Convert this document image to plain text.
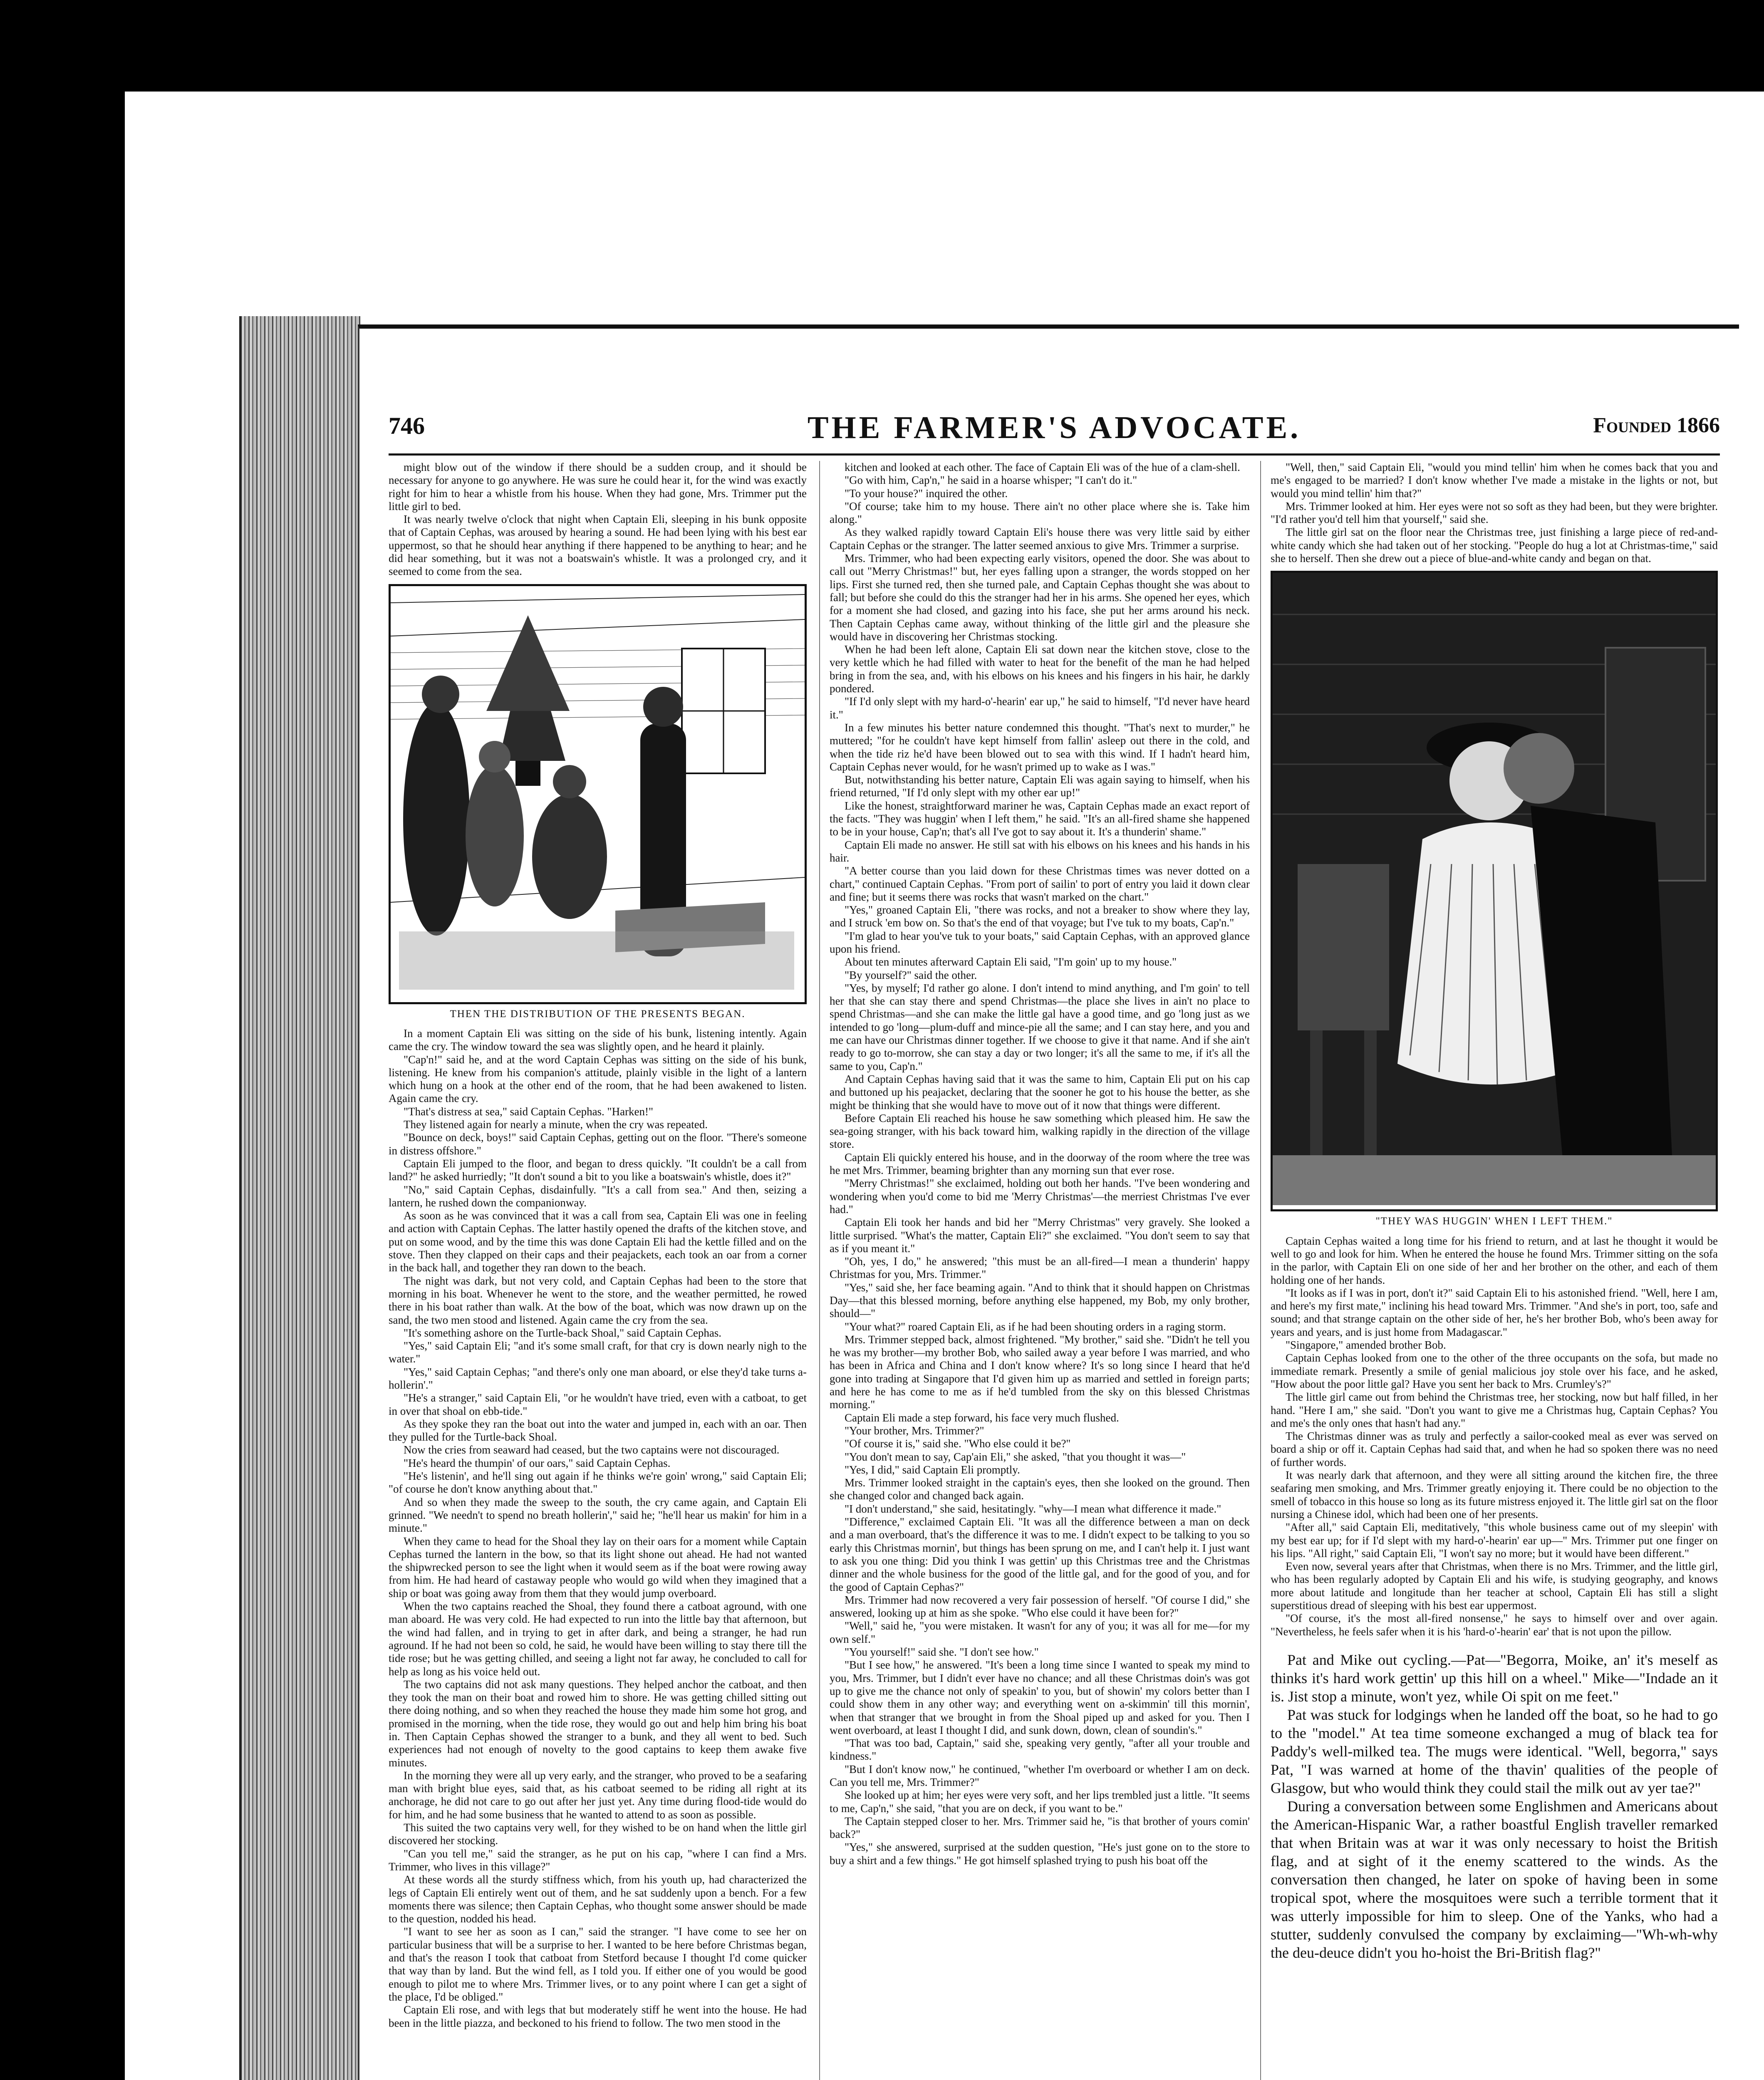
746	THE FARMER'S ADVOCATE.	Founded 1866

might blow out of the window if there should be a sudden croup, and it should be necessary for anyone to go anywhere. He was sure he could hear it, for the wind was exactly right for him to hear a whistle from his house. When they had gone, Mrs. Trimmer put the little girl to bed.

It was nearly twelve o'clock that night when Captain Eli, sleeping in his bunk opposite that of Captain Cephas, was aroused by hearing a sound. He had been lying with his best ear uppermost, so that he should hear anything if there happened to be anything to hear; and he did hear something, but it was not a boatswain's whistle. It was a prolonged cry, and it seemed to come from the sea.

THEN THE DISTRIBUTION OF THE PRESENTS BEGAN.

In a moment Captain Eli was sitting on the side of his bunk, listening intently. Again came the cry. The window toward the sea was slightly open, and he heard it plainly.

"Cap'n!" said he, and at the word Captain Cephas was sitting on the side of his bunk, listening. He knew from his companion's attitude, plainly visible in the light of a lantern which hung on a hook at the other end of the room, that he had been awakened to listen. Again came the cry.

"That's distress at sea," said Captain Cephas. "Harken!"

They listened again for nearly a minute, when the cry was repeated.

"Bounce on deck, boys!" said Captain Cephas, getting out on the floor. "There's someone in distress offshore."

Captain Eli jumped to the floor, and began to dress quickly. "It couldn't be a call from land?" he asked hurriedly; "It don't sound a bit to you like a boatswain's whistle, does it?"

"No," said Captain Cephas, disdainfully. "It's a call from sea." And then, seizing a lantern, he rushed down the companionway.

As soon as he was convinced that it was a call from sea, Captain Eli was one in feeling and action with Captain Cephas. The latter hastily opened the drafts of the kitchen stove, and put on some wood, and by the time this was done Captain Eli had the kettle filled and on the stove. Then they clapped on their caps and their peajackets, each took an oar from a corner in the back hall, and together they ran down to the beach.

The night was dark, but not very cold, and Captain Cephas had been to the store that morning in his boat. Whenever he went to the store, and the weather permitted, he rowed there in his boat rather than walk. At the bow of the boat, which was now drawn up on the sand, the two men stood and listened. Again came the cry from the sea.

"It's something ashore on the Turtle-back Shoal," said Captain Cephas.

"Yes," said Captain Eli; "and it's some small craft, for that cry is down nearly nigh to the water."

"Yes," said Captain Cephas; "and there's only one man aboard, or else they'd take turns a-hollerin'."

"He's a stranger," said Captain Eli, "or he wouldn't have tried, even with a catboat, to get in over that shoal on ebb-tide."

As they spoke they ran the boat out into the water and jumped in, each with an oar. Then they pulled for the Turtle-back Shoal.

Now the cries from seaward had ceased, but the two captains were not discouraged.

"He's heard the thumpin' of our oars," said Captain Cephas.

"He's listenin', and he'll sing out again if he thinks we're goin' wrong," said Captain Eli; "of course he don't know anything about that."

And so when they made the sweep to the south, the cry came again, and Captain Eli grinned. "We needn't to spend no breath hollerin'," said he; "he'll hear us makin' for him in a minute."

When they came to head for the Shoal they lay on their oars for a moment while Captain Cephas turned the lantern in the bow, so that its light shone out ahead. He had not wanted the shipwrecked person to see the light when it would seem as if the boat were rowing away from him. He had heard of castaway people who would go wild when they imagined that a ship or boat was going away from them that they would jump overboard.

When the two captains reached the Shoal, they found there a catboat aground, with one man aboard. He was very cold. He had expected to run into the little bay that afternoon, but the wind had fallen, and in trying to get in after dark, and being a stranger, he had run aground. If he had not been so cold, he said, he would have been willing to stay there till the tide rose; but he was getting chilled, and seeing a light not far away, he concluded to call for help as long as his voice held out.

The two captains did not ask many questions. They helped anchor the catboat, and then they took the man on their boat and rowed him to shore. He was getting chilled sitting out there doing nothing, and so when they reached the house they made him some hot grog, and promised in the morning, when the tide rose, they would go out and help him bring his boat in. Then Captain Cephas showed the stranger to a bunk, and they all went to bed. Such experiences had not enough of novelty to the good captains to keep them awake five minutes.

In the morning they were all up very early, and the stranger, who proved to be a seafaring man with bright blue eyes, said that, as his catboat seemed to be riding all right at its anchorage, he did not care to go out after her just yet. Any time during flood-tide would do for him, and he had some business that he wanted to attend to as soon as possible.

This suited the two captains very well, for they wished to be on hand when the little girl discovered her stocking.

"Can you tell me," said the stranger, as he put on his cap, "where I can find a Mrs. Trimmer, who lives in this village?"

At these words all the sturdy stiffness which, from his youth up, had characterized the legs of Captain Eli entirely went out of them, and he sat suddenly upon a bench. For a few moments there was silence; then Captain Cephas, who thought some answer should be made to the question, nodded his head.

"I want to see her as soon as I can," said the stranger. "I have come to see her on particular business that will be a surprise to her. I wanted to be here before Christmas began, and that's the reason I took that catboat from Stetford because I thought I'd come quicker that way than by land. But the wind fell, as I told you. If either one of you would be good enough to pilot me to where Mrs. Trimmer lives, or to any point where I can get a sight of the place, I'd be obliged."

Captain Eli rose, and with legs that but moderately stiff he went into the house. He had been in the little piazza, and beckoned to his friend to follow. The two men stood in the

kitchen and looked at each other. The face of Captain Eli was of the hue of a clam-shell.

"Go with him, Cap'n," he said in a hoarse whisper; "I can't do it."

"To your house?" inquired the other.

"Of course; take him to my house. There ain't no other place where she is. Take him along."

As they walked rapidly toward Captain Eli's house there was very little said by either Captain Cephas or the stranger. The latter seemed anxious to give Mrs. Trimmer a surprise.

Mrs. Trimmer, who had been expecting early visitors, opened the door. She was about to call out "Merry Christmas!" but, her eyes falling upon a stranger, the words stopped on her lips. First she turned red, then she turned pale, and Captain Cephas thought she was about to fall; but before she could do this the stranger had her in his arms. She opened her eyes, which for a moment she had closed, and gazing into his face, she put her arms around his neck. Then Captain Cephas came away, without thinking of the little girl and the pleasure she would have in discovering her Christmas stocking.

When he had been left alone, Captain Eli sat down near the kitchen stove, close to the very kettle which he had filled with water to heat for the benefit of the man he had helped bring in from the sea, and, with his elbows on his knees and his fingers in his hair, he darkly pondered.

"If I'd only slept with my hard-o'-hearin' ear up," he said to himself, "I'd never have heard it."

In a few minutes his better nature condemned this thought. "That's next to murder," he muttered; "for he couldn't have kept himself from fallin' asleep out there in the cold, and when the tide riz he'd have been blowed out to sea with this wind. If I hadn't heard him, Captain Cephas never would, for he wasn't primed up to wake as I was."

But, notwithstanding his better nature, Captain Eli was again saying to himself, when his friend returned, "If I'd only slept with my other ear up!"

Like the honest, straightforward mariner he was, Captain Cephas made an exact report of the facts. "They was huggin' when I left them," he said. "It's an all-fired shame she happened to be in your house, Cap'n; that's all I've got to say about it. It's a thunderin' shame."

Captain Eli made no answer. He still sat with his elbows on his knees and his hands in his hair.

"A better course than you laid down for these Christmas times was never dotted on a chart," continued Captain Cephas. "From port of sailin' to port of entry you laid it down clear and fine; but it seems there was rocks that wasn't marked on the chart."

"Yes," groaned Captain Eli, "there was rocks, and not a breaker to show where they lay, and I struck 'em bow on. So that's the end of that voyage; but I've tuk to my boats, Cap'n."

"I'm glad to hear you've tuk to your boats," said Captain Cephas, with an approved glance upon his friend.

About ten minutes afterward Captain Eli said, "I'm goin' up to my house."

"By yourself?" said the other.

"Yes, by myself; I'd rather go alone. I don't intend to mind anything, and I'm goin' to tell her that she can stay there and spend Christmas—the place she lives in ain't no place to spend Christmas—and she can make the little gal have a good time, and go 'long just as we intended to go 'long—plum-duff and mince-pie all the same; and I can stay here, and you and me can have our Christmas dinner together. If we choose to give it that name. And if she ain't ready to go to-morrow, she can stay a day or two longer; it's all the same to me, if it's all the same to you, Cap'n."

And Captain Cephas having said that it was the same to him, Captain Eli put on his cap and buttoned up his peajacket, declaring that the sooner he got to his house the better, as she might be thinking that she would have to move out of it now that things were different.

Before Captain Eli reached his house he saw something which pleased him. He saw the sea-going stranger, with his back toward him, walking rapidly in the direction of the village store.

Captain Eli quickly entered his house, and in the doorway of the room where the tree was he met Mrs. Trimmer, beaming brighter than any morning sun that ever rose.

"Merry Christmas!" she exclaimed, holding out both her hands. "I've been wondering and wondering when you'd come to bid me 'Merry Christmas'—the merriest Christmas I've ever had."

Captain Eli took her hands and bid her "Merry Christmas" very gravely. She looked a little surprised. "What's the matter, Captain Eli?" she exclaimed. "You don't seem to say that as if you meant it."

"Oh, yes, I do," he answered; "this must be an all-fired—I mean a thunderin' happy Christmas for you, Mrs. Trimmer."

"Yes," said she, her face beaming again. "And to think that it should happen on Christmas Day—that this blessed morning, before anything else happened, my Bob, my only brother, should—"

"Your what?" roared Captain Eli, as if he had been shouting orders in a raging storm.

Mrs. Trimmer stepped back, almost frightened. "My brother," said she. "Didn't he tell you he was my brother—my brother Bob, who sailed away a year before I was married, and who has been in Africa and China and I don't know where? It's so long since I heard that he'd gone into trading at Singapore that I'd given him up as married and settled in foreign parts; and here he has come to me as if he'd tumbled from the sky on this blessed Christmas morning."

Captain Eli made a step forward, his face very much flushed.

"Your brother, Mrs. Trimmer?"

"Of course it is," said she. "Who else could it be?"

"You don't mean to say, Cap'ain Eli," she asked, "that you thought it was—"

"Yes, I did," said Captain Eli promptly.

Mrs. Trimmer looked straight in the captain's eyes, then she looked on the ground. Then she changed color and changed back again.

"I don't understand," she said, hesitatingly. "why—I mean what difference it made."

"Difference," exclaimed Captain Eli. "It was all the difference between a man on deck and a man overboard, that's the difference it was to me. I didn't expect to be talking to you so early this Christmas mornin', but things has been sprung on me, and I can't help it. I just want to ask you one thing: Did you think I was gettin' up this Christmas tree and the Christmas dinner and the whole business for the good of the little gal, and for the good of you, and for the good of Captain Cephas?"

Mrs. Trimmer had now recovered a very fair possession of herself. "Of course I did," she answered, looking up at him as she spoke. "Who else could it have been for?"

"Well," said he, "you were mistaken. It wasn't for any of you; it was all for me—for my own self."

"You yourself!" said she. "I don't see how."

"But I see how," he answered. "It's been a long time since I wanted to speak my mind to you, Mrs. Trimmer, but I didn't ever have no chance; and all these Christmas doin's was got up to give me the chance not only of speakin' to you, but of showin' my colors better than I could show them in any other way; and everything went on a-skimmin' till this mornin', when that stranger that we brought in from the Shoal piped up and asked for you. Then I went overboard, at least I thought I did, and sunk down, down, clean of soundin's."

"That was too bad, Captain," said she, speaking very gently, "after all your trouble and kindness."

"But I don't know now," he continued, "whether I'm overboard or whether I am on deck. Can you tell me, Mrs. Trimmer?"

She looked up at him; her eyes were very soft, and her lips trembled just a little. "It seems to me, Cap'n," she said, "that you are on deck, if you want to be."

The Captain stepped closer to her. Mrs. Trimmer said he, "is that brother of yours comin' back?"

"Yes," she answered, surprised at the sudden question, "He's just gone on to the store to buy a shirt and a few things." He got himself splashed trying to push his boat off the

"Well, then," said Captain Eli, "would you mind tellin' him when he comes back that you and me's engaged to be married? I don't know whether I've made a mistake in the lights or not, but would you mind tellin' him that?"

Mrs. Trimmer looked at him. Her eyes were not so soft as they had been, but they were brighter. "I'd rather you'd tell him that yourself," said she.

The little girl sat on the floor near the Christmas tree, just finishing a large piece of red-and-white candy which she had taken out of her stocking. "People do hug a lot at Christmas-time," said she to herself. Then she drew out a piece of blue-and-white candy and began on that.

"THEY WAS HUGGIN' WHEN I LEFT THEM."

Captain Cephas waited a long time for his friend to return, and at last he thought it would be well to go and look for him. When he entered the house he found Mrs. Trimmer sitting on the sofa in the parlor, with Captain Eli on one side of her and her brother on the other, and each of them holding one of her hands.

"It looks as if I was in port, don't it?" said Captain Eli to his astonished friend. "Well, here I am, and here's my first mate," inclining his head toward Mrs. Trimmer. "And she's in port, too, safe and sound; and that strange captain on the other side of her, he's her brother Bob, who's been away for years and years, and is just home from Madagascar."

"Singapore," amended brother Bob.

Captain Cephas looked from one to the other of the three occupants on the sofa, but made no immediate remark. Presently a smile of genial malicious joy stole over his face, and he asked, "How about the poor little gal? Have you sent her back to Mrs. Crumley's?"

The little girl came out from behind the Christmas tree, her stocking, now but half filled, in her hand. "Here I am," she said. "Don't you want to give me a Christmas hug, Captain Cephas? You and me's the only ones that hasn't had any."

The Christmas dinner was as truly and perfectly a sailor-cooked meal as ever was served on board a ship or off it. Captain Cephas had said that, and when he had so spoken there was no need of further words.

It was nearly dark that afternoon, and they were all sitting around the kitchen fire, the three seafaring men smoking, and Mrs. Trimmer greatly enjoying it. There could be no objection to the smell of tobacco in this house so long as its future mistress enjoyed it. The little girl sat on the floor nursing a Chinese idol, which had been one of her presents.

"After all," said Captain Eli, meditatively, "this whole business came out of my sleepin' with my best ear up; for if I'd slept with my hard-o'-hearin' ear up—" Mrs. Trimmer put one finger on his lips. "All right," said Captain Eli, "I won't say no more; but it would have been different."

Even now, several years after that Christmas, when there is no Mrs. Trimmer, and the little girl, who has been regularly adopted by Captain Eli and his wife, is studying geography, and knows more about latitude and longitude than her teacher at school, Captain Eli has still a slight superstitious dread of sleeping with his best ear uppermost.

"Of course, it's the most all-fired nonsense," he says to himself over and over again. "Nevertheless, he feels safer when it is his 'hard-o'-hearin' ear' that is not upon the pillow.

Pat and Mike out cycling.—Pat—"Begorra, Moike, an' it's meself as thinks it's hard work gettin' up this hill on a wheel." Mike—"Indade an it is. Jist stop a minute, won't yez, while Oi spit on me feet."

Pat was stuck for lodgings when he landed off the boat, so he had to go to the "model." At tea time someone exchanged a mug of black tea for Paddy's well-milked tea. The mugs were identical. "Well, begorra," says Pat, "I was warned at home of the thavin' qualities of the people of Glasgow, but who would think they could stail the milk out av yer tae?"

During a conversation between some Englishmen and Americans about the American-Hispanic War, a rather boastful English traveller remarked that when Britain was at war it was only necessary to hoist the British flag, and at sight of it the enemy scattered to the winds. As the conversation then changed, he later on spoke of having been in some tropical spot, where the mosquitoes were such a terrible torment that it was utterly impossible for him to sleep. One of the Yanks, who had a stutter, suddenly convulsed the company by exclaiming—"Wh-wh-why the deu-deuce didn't you ho-hoist the Bri-British flag?"
